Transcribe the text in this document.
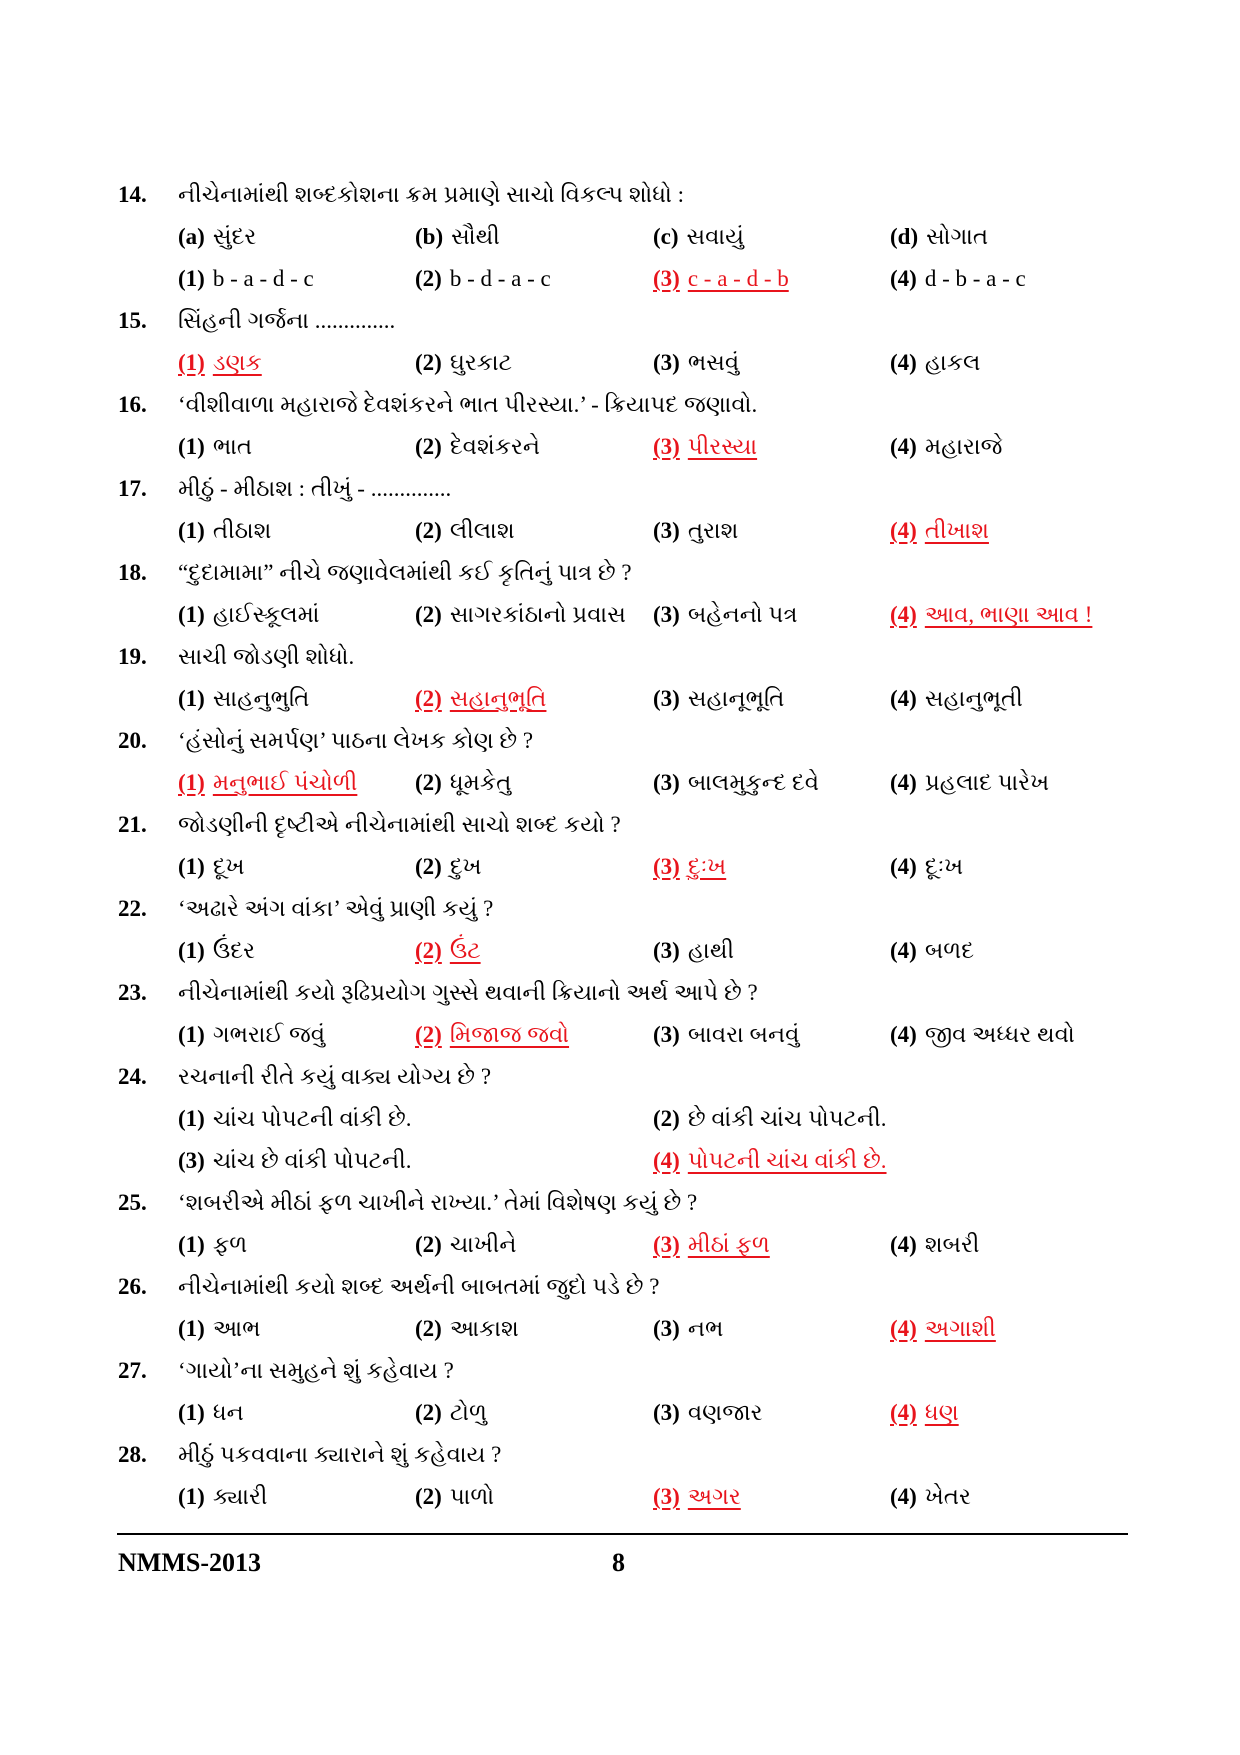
14. નીચેનામાંથી શબ્દકોશના ક્રમ પ્રમાણે સાચો વિકલ્પ શોધો :
(a) સુંદર	(b) સૌથી	(c) સવાયું	(d) સોગાત
(1) b - a - d - c	(2) b - d - a - c	(3) c - a - d - b	(4) d - b - a - c
15. સિંહની ગર્જના ..............
(1) ડણક	(2) ઘુરકાટ	(3) ભસવું	(4) હાકલ
16. ‘વીશીવાળા મહારાજે દેવશંકરને ભાત પીરસ્યા.’ - ક્રિયાપદ જણાવો.
(1) ભાત	(2) દેવશંકરને	(3) પીરસ્યા	(4) મહારાજે
17. મીઠું - મીઠાશ : તીખું - ..............
(1) તીઠાશ	(2) લીલાશ	(3) તુરાશ	(4) તીખાશ
18. “દુદામામા” નીચે જણાવેલમાંથી કઈ કૃતિનું પાત્ર છે ?
(1) હાઈસ્કૂલમાં	(2) સાગરકાંઠાનો પ્રવાસ (3) બહેનનો પત્ર	(4) આવ, ભાણા આવ !
19. સાચી જોડણી શોધો.
(1) સાહનુભુતિ	(2) સહાનુભૂતિ	(3) સહાનૂભૂતિ	(4) સહાનુભૂતી
20. ‘હંસોનું સમર્પણ’ પાઠના લેખક કોણ છે ?
(1) મનુભાઈ પંચોળી	(2) ધૂમકેતુ	(3) બાલમુકુન્દ દવે	(4) પ્રહલાદ પારેખ
21. જોડણીની દૃષ્ટીએ નીચેનામાંથી સાચો શબ્દ કયો ?
(1) દૂખ	(2) દુખ	(3) દુઃખ	(4) દૂઃખ
22. ‘અઢારે અંગ વાંકા’ એવું પ્રાણી કયું ?
(1) ઉંદર	(2) ઉંટ	(3) હાથી	(4) બળદ
23. નીચેનામાંથી કયો રૂઢિપ્રયોગ ગુસ્સે થવાની ક્રિયાનો અર્થ આપે છે ?
(1) ગભરાઈ જવું	(2) મિજાજ જવો	(3) બાવરા બનવું	(4) જીવ અધ્ધર થવો
24. રચનાની રીતે કયું વાક્ય યોગ્ય છે ?
(1) ચાંચ પોપટની વાંકી છે.	(2) છે વાંકી ચાંચ પોપટની.
(3) ચાંચ છે વાંકી પોપટની.	(4) પોપટની ચાંચ વાંકી છે.
25. ‘શબરીએ મીઠાં ફળ ચાખીને રાખ્યા.’ તેમાં વિશેષણ કયું છે ?
(1) ફળ	(2) ચાખીને	(3) મીઠાં ફળ	(4) શબરી
26. નીચેનામાંથી કયો શબ્દ અર્થની બાબતમાં જુદો પડે છે ?
(1) આભ	(2) આકાશ	(3) નભ	(4) અગાશી
27. ‘ગાયો’ના સમુહને શું કહેવાય ?
(1) ધન	(2) ટોળુ	(3) વણજાર	(4) ધણ
28. મીઠું પકવવાના ક્યારાને શું કહેવાય ?
(1) ક્યારી	(2) પાળો	(3) અગર	(4) ખેતર
NMMS-2013	8
